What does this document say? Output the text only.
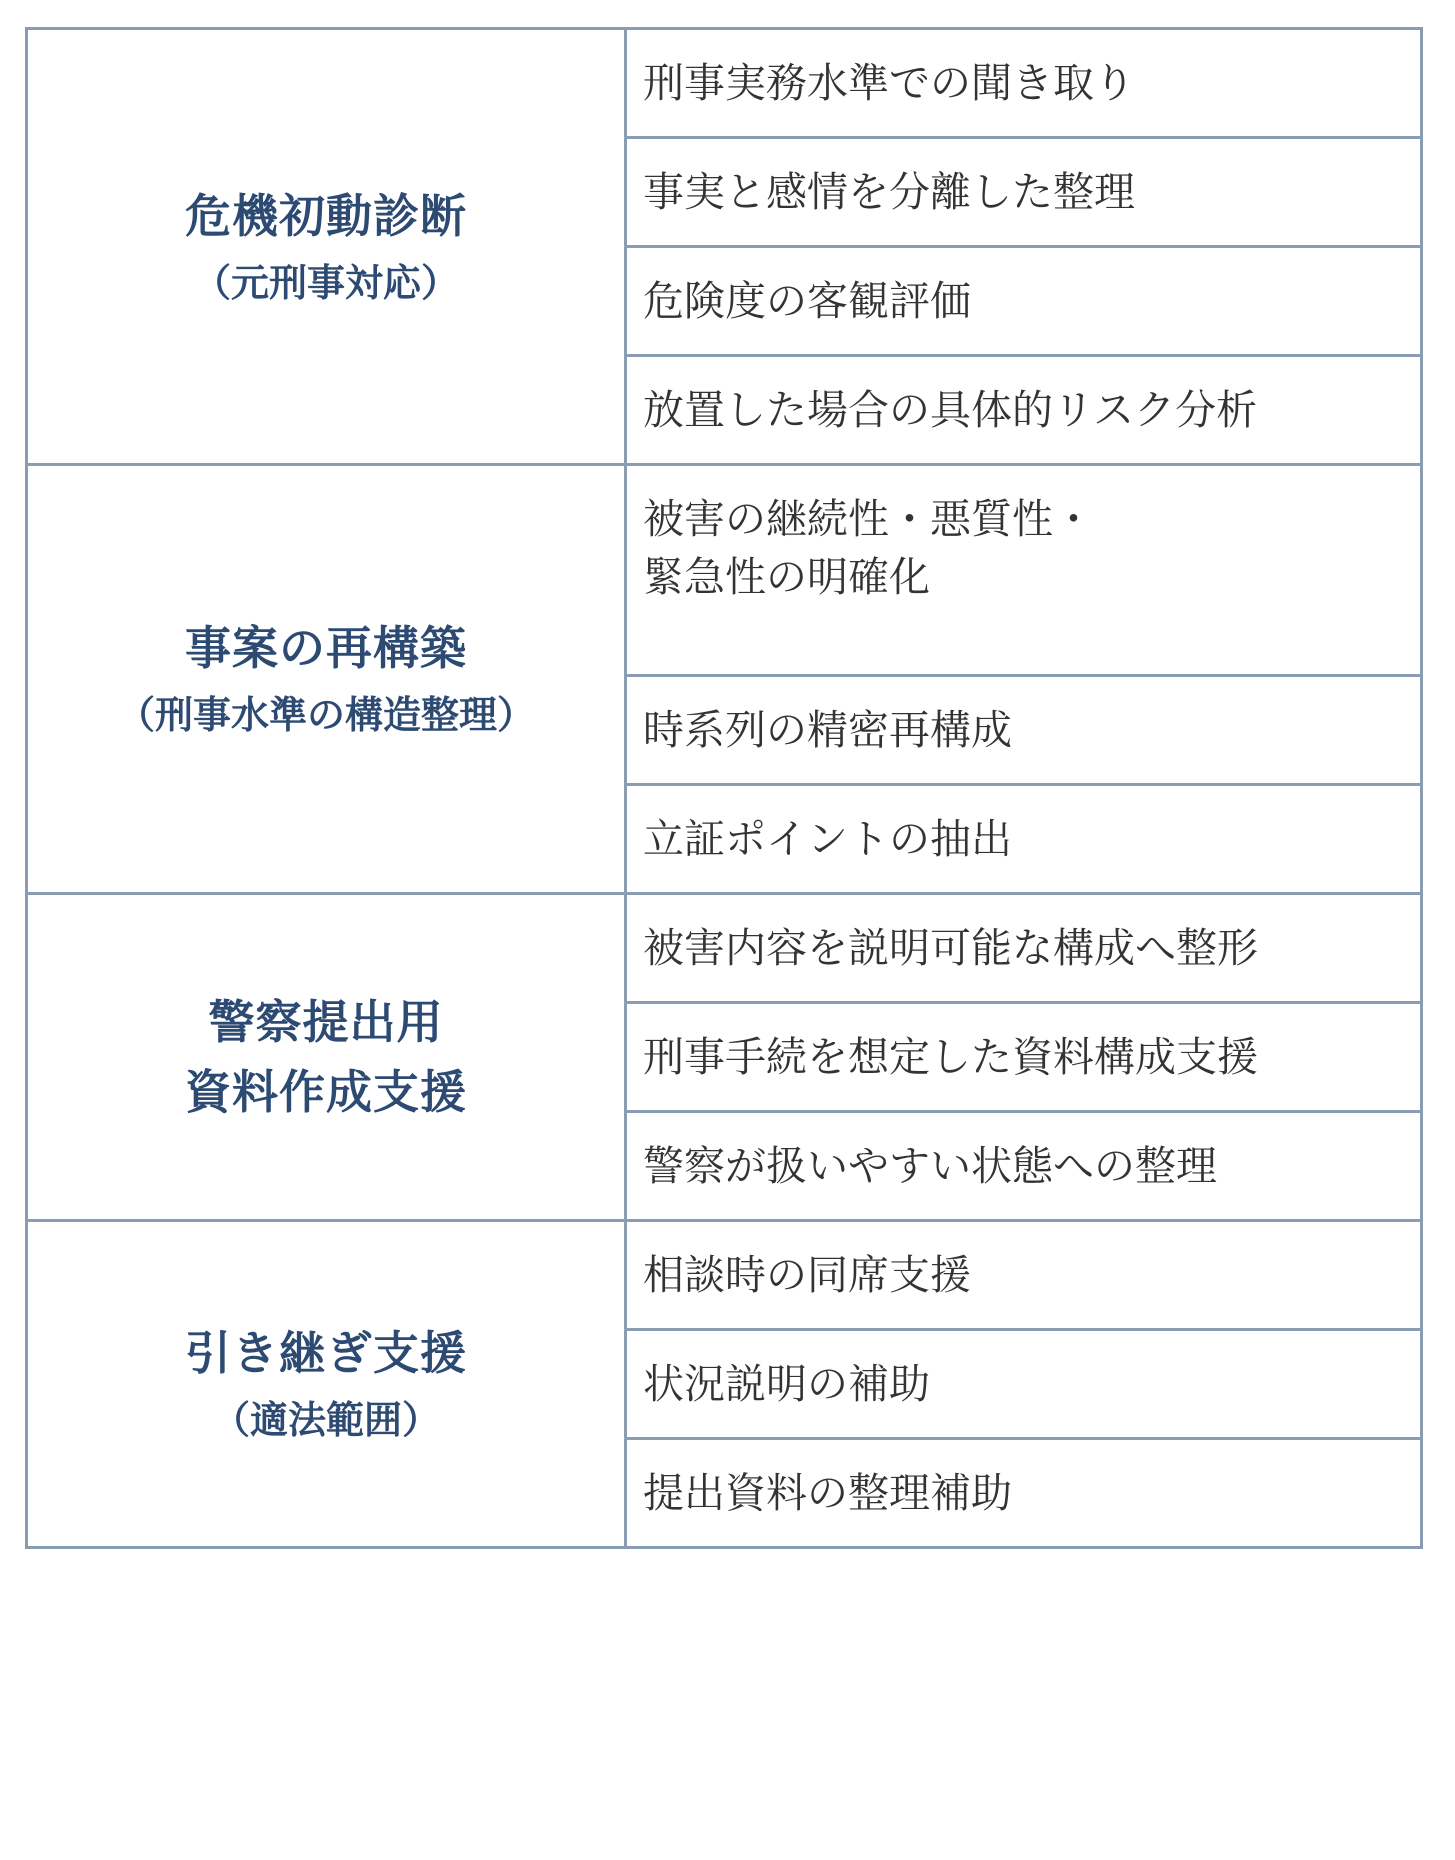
危機初動診断
（元刑事対応）	刑事実務水準での聞き取り

	事実と感情を分離した整理

	危険度の客観評価

	放置した場合の具体的リスク分析

事案の再構築
（刑事水準の構造整理）	被害の継続性・悪質性・
緊急性の明確化

	時系列の精密再構成

	立証ポイントの抽出

警察提出用
資料作成支援	被害内容を説明可能な構成へ整形

	刑事手続を想定した資料構成支援

	警察が扱いやすい状態への整理

引き継ぎ支援
（適法範囲）	相談時の同席支援

	状況説明の補助

	提出資料の整理補助
